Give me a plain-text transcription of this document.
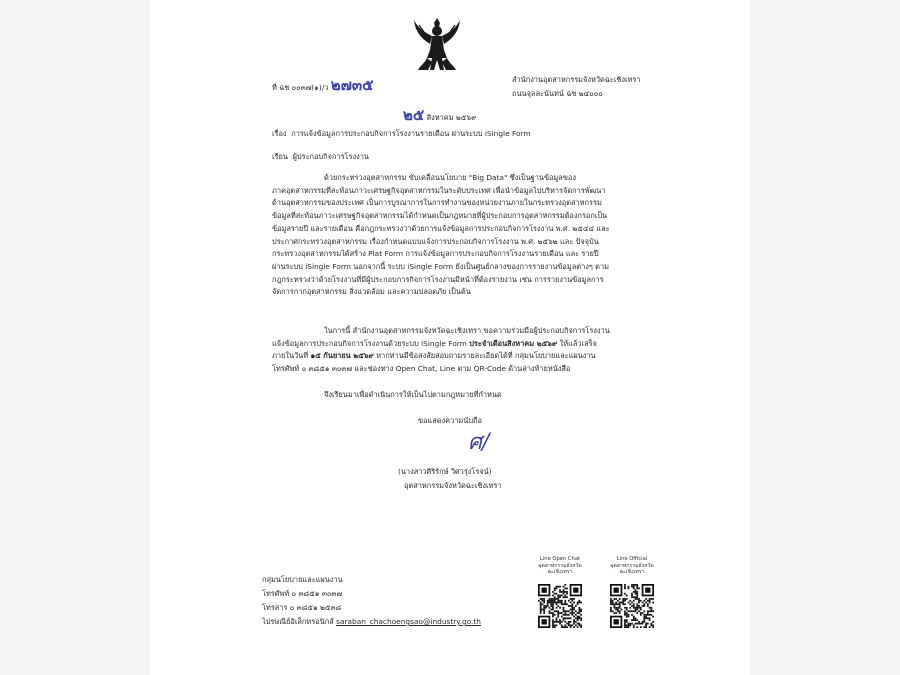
ที่ ฉช ๐๐๓๗(๑)/ว ๒๗๓๕	สำนักงานอุตสาหกรรมจังหวัดฉะเชิงเทรา
ถนนจุลละนันทน์ ฉช ๒๔๐๐๐
๒๕ สิงหาคม ๒๕๖๙
เรื่อง การแจ้งข้อมูลการประกอบกิจการโรงงานรายเดือน ผ่านระบบ iSingle Form
เรียน ผู้ประกอบกิจการโรงงาน
ด้วยกระทรวงอุตสาหกรรม ขับเคลื่อนนโยบาย "Big Data" ซึ่งเป็นฐานข้อมูลของ
ภาคอุตสาหกรรมที่สะท้อนภาวะเศรษฐกิจอุตสาหกรรมในระดับประเทศ เพื่อนำข้อมูลไปบริหารจัดการพัฒนา
ด้านอุตสาหกรรมของประเทศ เป็นการบูรณาการในการทำงานของหน่วยงานภายในกระทรวงอุตสาหกรรม
ข้อมูลที่สะท้อนภาวะเศรษฐกิจอุตสาหกรรมได้กำหนดเป็นกฎหมายที่ผู้ประกอบการอุตสาหกรรมต้องกรอกเป็น
ข้อมูลรายปี และรายเดือน คือกฎกระทรวงว่าด้วยการแจ้งข้อมูลการประกอบกิจการโรงงาน พ.ศ. ๒๕๔๔ และ
ประกาศกระทรวงอุตสาหกรรม เรื่องกำหนดแบบแจ้งการประกอบกิจการโรงงาน พ.ศ. ๒๕๖๒ และ ปัจจุบัน
กระทรวงอุตสาหกรรมได้สร้าง Plat Form การแจ้งข้อมูลการประกอบกิจการโรงงานรายเดือน และ รายปี
ผ่านระบบ iSingle Form นอกจากนี้ ระบบ iSingle Form ยังเป็นศูนย์กลางของการรายงานข้อมูลต่างๆ ตาม
กฎกระทรวงว่าด้วยโรงงานที่มีผู้ประกอบการกิจการโรงงานมีหน้าที่ต้องรายงาน เช่น การรายงานข้อมูลการ
จัดการกากอุตสาหกรรม สิ่งแวดล้อม และความปลอดภัย เป็นต้น
ในการนี้ สำนักงานอุตสาหกรรมจังหวัดฉะเชิงเทรา ขอความร่วมมือผู้ประกอบกิจการโรงงาน
แจ้งข้อมูลการประกอบกิจการโรงงานด้วยระบบ iSingle Form ประจำเดือนสิงหาคม ๒๕๖๙ ให้แล้วเสร็จ
ภายในวันที่ ๑๕ กันยายน ๒๕๖๙ หากท่านมีข้อสงสัยสอบถามรายละเอียดได้ที่ กลุ่มนโยบายและแผนงาน
โทรศัพท์ ๐ ๓๘๕๑ ๓๐๓๗ และช่องทาง Open Chat, Line ตาม QR-Code ด้านล่างท้ายหนังสือ
จึงเรียนมาเพื่อดำเนินการให้เป็นไปตามกฎหมายที่กำหนด
ขอแสดงความนับถือ
ศ/
(นางสาวศิริรักษ์ วิศวรุ่งโรจน์)
อุตสาหกรรมจังหวัดฉะเชิงเทรา
กลุ่มนโยบายและแผนงาน
โทรศัพท์ ๐ ๓๘๕๑ ๓๐๓๗
โทรสาร ๐ ๓๘๕๑ ๒๕๓๘
ไปรษณีย์อิเล็กทรอนิกส์ saraban_chachoengsao@industry.go.th
Line Open Chat
อุตสาหกรรมจังหวัด
ฉะเชิงเทรา
Line Official
อุตสาหกรรมจังหวัด
ฉะเชิงเทรา
